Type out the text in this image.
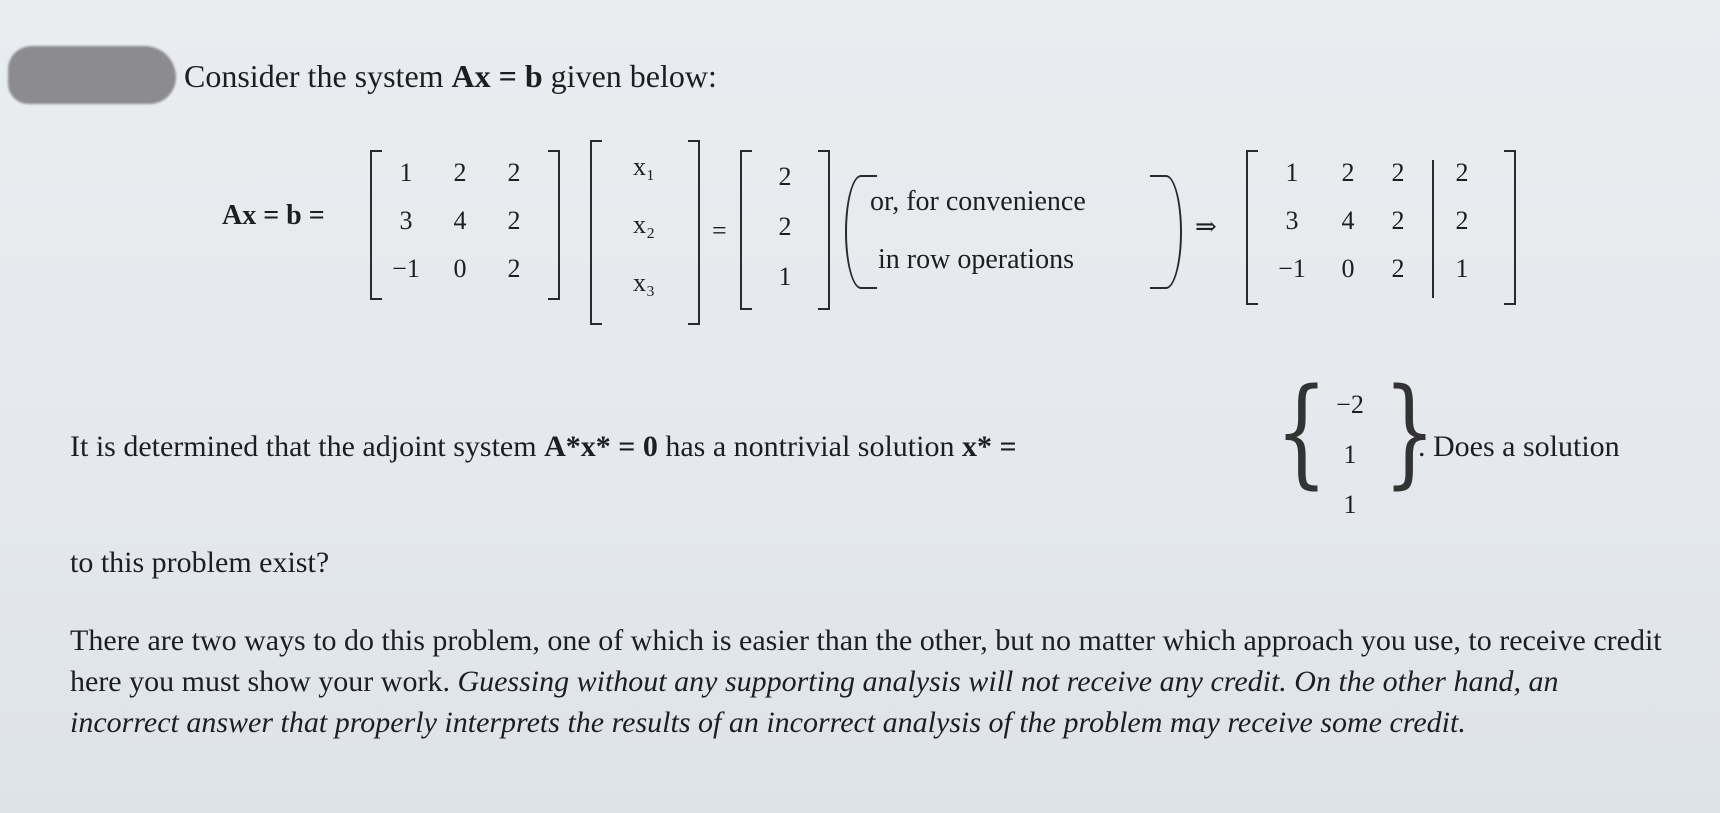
Consider the system Ax = b given below:
Ax = b =
1	2	2
3	4	2
−1	0	2
x₁
x₂
x₃
=
2
2
1
or, for convenience
in row operations
⇒
1	2	2	2
3	4	2	2
−1	0	2	1
It is determined that the adjoint system A*x* = 0 has a nontrivial solution x* = { −2
1
1
}
. Does a solution
to this problem exist?
There are two ways to do this problem, one of which is easier than the other, but no matter which approach you use, to receive credit here you must show your work. Guessing without any supporting analysis will not receive any credit. On the other hand, an incorrect answer that properly interprets the results of an incorrect analysis of the problem may receive some credit.
